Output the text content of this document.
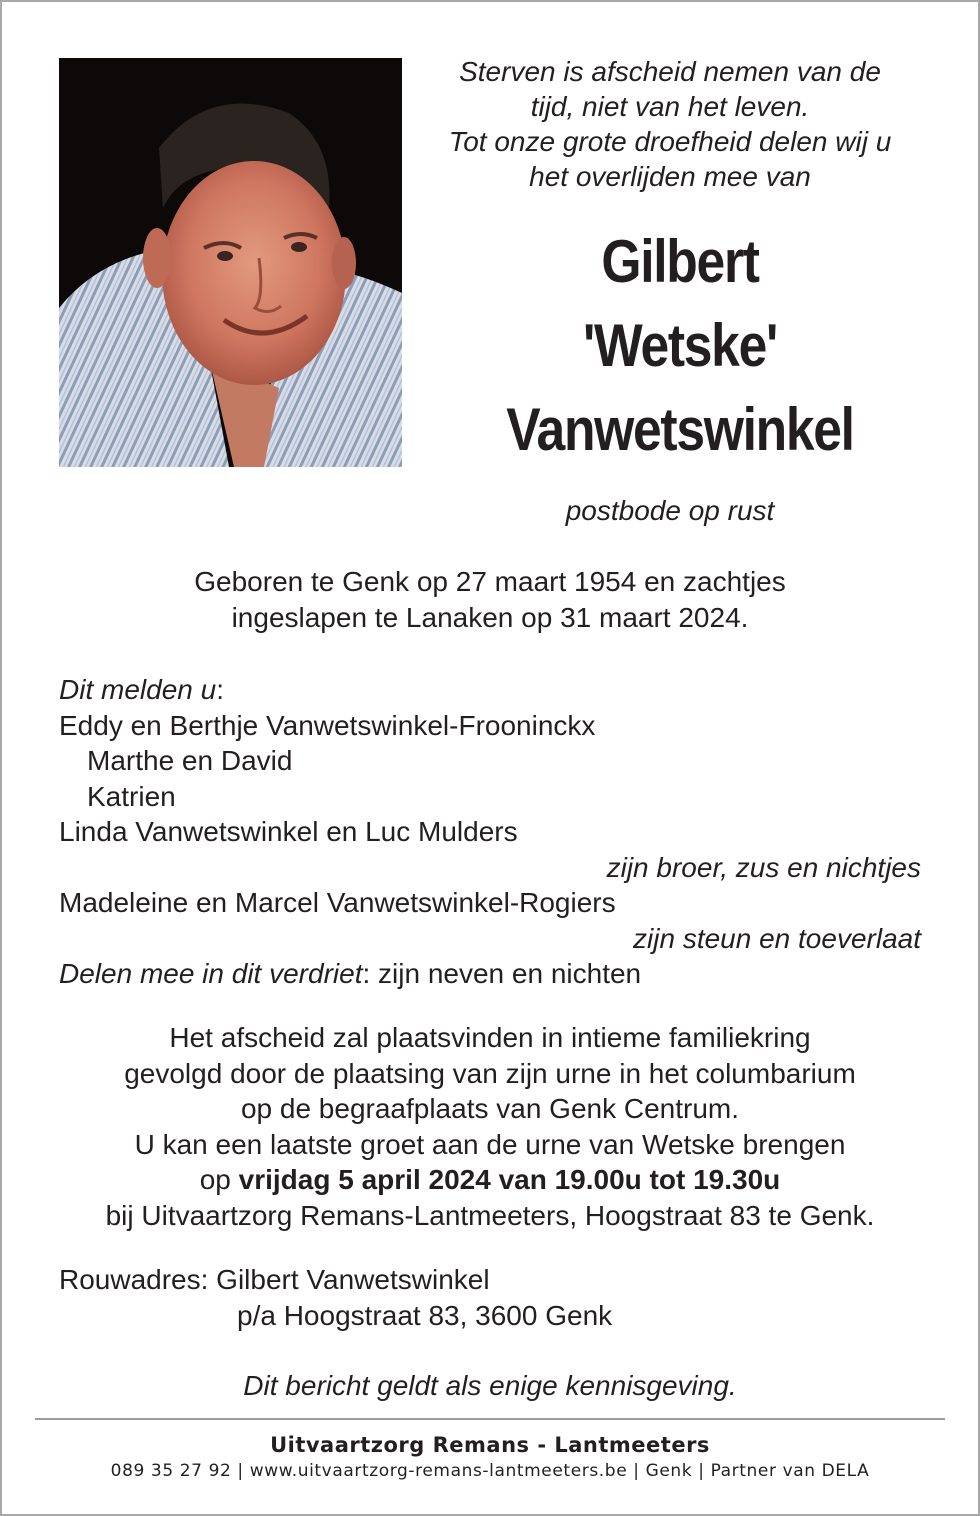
Sterven is afscheid nemen van de
tijd, niet van het leven.
Tot onze grote droefheid delen wij u
het overlijden mee van
Gilbert
'Wetske'
Vanwetswinkel
postbode op rust
Geboren te Genk op 27 maart 1954 en zachtjes
ingeslapen te Lanaken op 31 maart 2024.
Dit melden u:
Eddy en Berthje Vanwetswinkel-Frooninckx
Marthe en David
Katrien
Linda Vanwetswinkel en Luc Mulders
zijn broer, zus en nichtjes
Madeleine en Marcel Vanwetswinkel-Rogiers
zijn steun en toeverlaat
Delen mee in dit verdriet: zijn neven en nichten
Het afscheid zal plaatsvinden in intieme familiekring
gevolgd door de plaatsing van zijn urne in het columbarium
op de begraafplaats van Genk Centrum.
U kan een laatste groet aan de urne van Wetske brengen
op vrijdag 5 april 2024 van 19.00u tot 19.30u
bij Uitvaartzorg Remans-Lantmeeters, Hoogstraat 83 te Genk.
Rouwadres: Gilbert Vanwetswinkel
p/a Hoogstraat 83, 3600 Genk
Dit bericht geldt als enige kennisgeving.
Uitvaartzorg Remans - Lantmeeters
089 35 27 92 | www.uitvaartzorg-remans-lantmeeters.be | Genk | Partner van DELA
